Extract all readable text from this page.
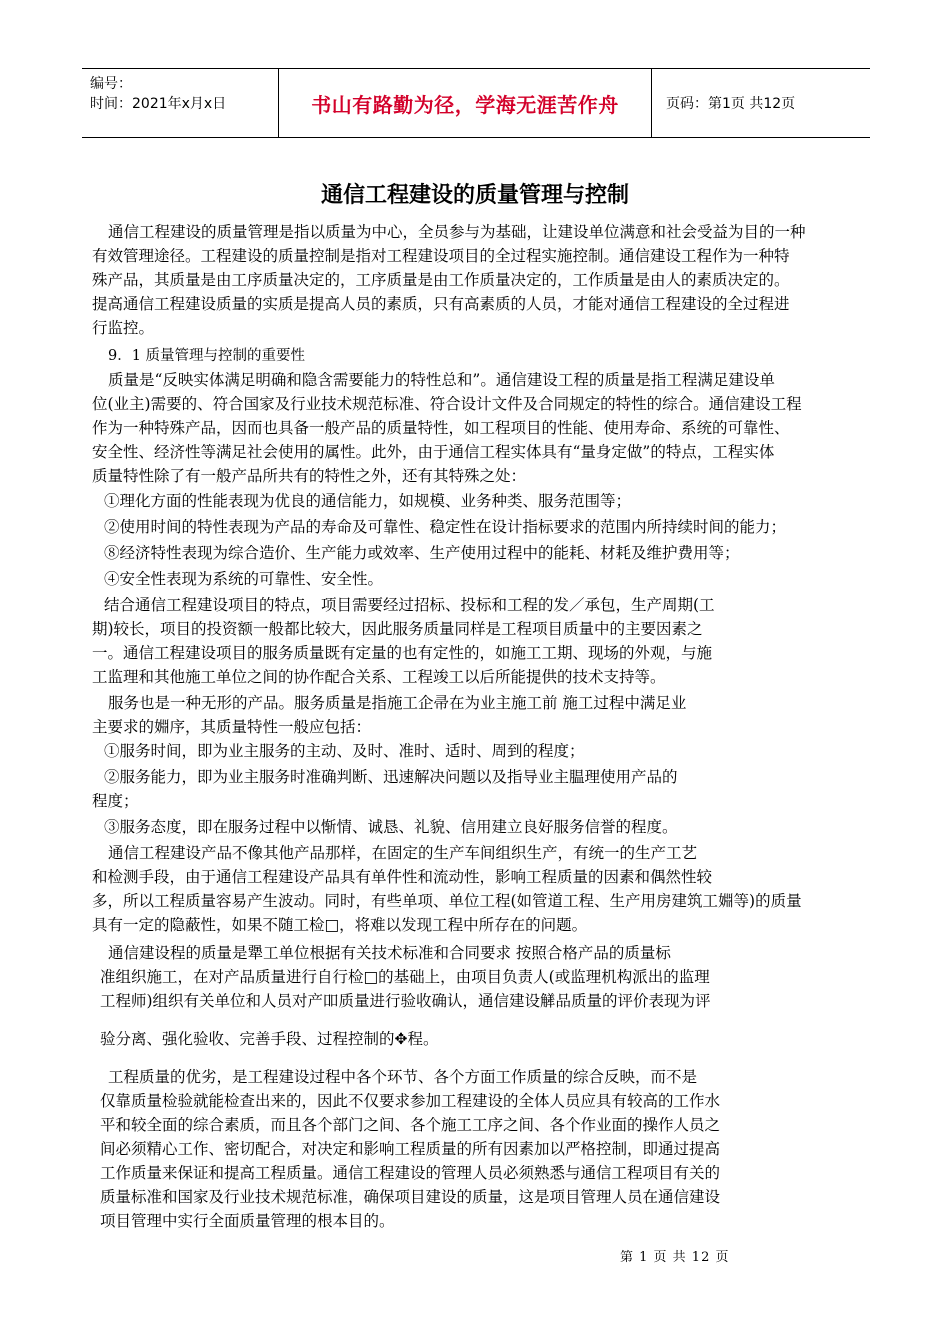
编号：
时间：2021年x月x日	书山有路勤为径，学海无涯苦作舟	页码：第1页 共12页
通信工程建设的质量管理与控制
通信工程建设的质量管理是指以质量为中心，全员参与为基础，让建设单位满意和社会受益为目的一种
有效管理途径。工程建设的质量控制是指对工程建设项目的全过程实施控制。通信建设工程作为一种特
殊产品，其质量是由工序质量决定的，工序质量是由工作质量决定的，工作质量是由人的素质决定的。
提高通信工程建设质量的实质是提高人员的素质，只有高素质的人员，才能对通信工程建设的全过程进
行监控。
9．1 质量管理与控制的重要性
质量是“反映实体满足明确和隐含需要能力的特性总和”。通信建设工程的质量是指工程满足建设单
位(业主)需要的、符合国家及行业技术规范标准、符合设计文件及合同规定的特性的综合。通信建设工程
作为一种特殊产品，因而也具备一般产品的质量特性，如工程项目的性能、使用寿命、系统的可靠性、
安全性、经济性等满足社会使用的属性。此外，由于通信工程实体具有“量身定做”的特点，工程实体
质量特性除了有一般产品所共有的特性之外，还有其特殊之处：
①理化方面的性能表现为优良的通信能力，如规模、业务种类、服务范围等；
②使用时间的特性表现为产品的寿命及可靠性、稳定性在设计指标要求的范围内所持续时间的能力；
⑧经济特性表现为综合造价、生产能力或效率、生产使用过程中的能耗、材耗及维护费用等；
④安全性表现为系统的可靠性、安全性。
结合通信工程建设项目的特点，项目需要经过招标、投标和工程的发／承包，生产周期(工
期)较长，项目的投资额一般都比较大，因此服务质量同样是工程项目质量中的主要因素之
一。通信工程建设项目的服务质量既有定量的也有定性的，如施工工期、现场的外观，与施
工监理和其他施工单位之间的协作配合关系、工程竣工以后所能提供的技术支持等。
服务也是一种无形的产品。服务质量是指施工企帚在为业主施工前 施工过程中满足业
主要求的婣序，其质量特性一般应包括：
①服务时间，即为业主服务的主动、及时、准时、适时、周到的程度；
②服务能力，即为业主服务时准确判断、迅速解决问题以及指导业主腽理使用产品的
程度；
③服务态度，即在服务过程中以惭情、诚恳、礼貌、信用建立良好服务信誉的程度。
通信工程建设产品不像其他产品那样，在固定的生产车间组织生产，有统一的生产工艺
和检测手段，由于通信工程建设产品具有单件性和流动性，影响工程质量的因素和偶然性较
多，所以工程质量容易产生波动。同时，有些单项、单位工程(如管道工程、生产用房建筑工婣等)的质量
具有一定的隐蔽性，如果不随工检□，将难以发现工程中所存在的问题。
通信建设程的质量是犟工单位根据有关技术标准和合同要求 按照合格产品的质量标
准组织施工，在对产品质量进行自行检□的基础上，由项目负责人(或监理机构派出的监理
工程师)组织有关单位和人员对产吅质量进行验收确认，通信建设觲品质量的评价表现为评
验分离、强化验收、完善手段、过程控制的✥程。
工程质量的优劣，是工程建设过程中各个环节、各个方面工作质量的综合反映，而不是
仅靠质量检验就能检查出来的，因此不仅要求参加工程建设的全体人员应具有较高的工作水
平和较全面的综合素质，而且各个部门之间、各个施工工序之间、各个作业面的操作人员之
间必须精心工作、密切配合，对决定和影响工程质量的所有因素加以严格控制，即通过提高
工作质量来保证和提高工程质量。通信工程建设的管理人员必须熟悉与通信工程项目有关的
质量标准和国家及行业技术规范标准，确保项目建设的质量，这是项目管理人员在通信建设
项目管理中实行全面质量管理的根本目的。
第 1 页 共 12 页
